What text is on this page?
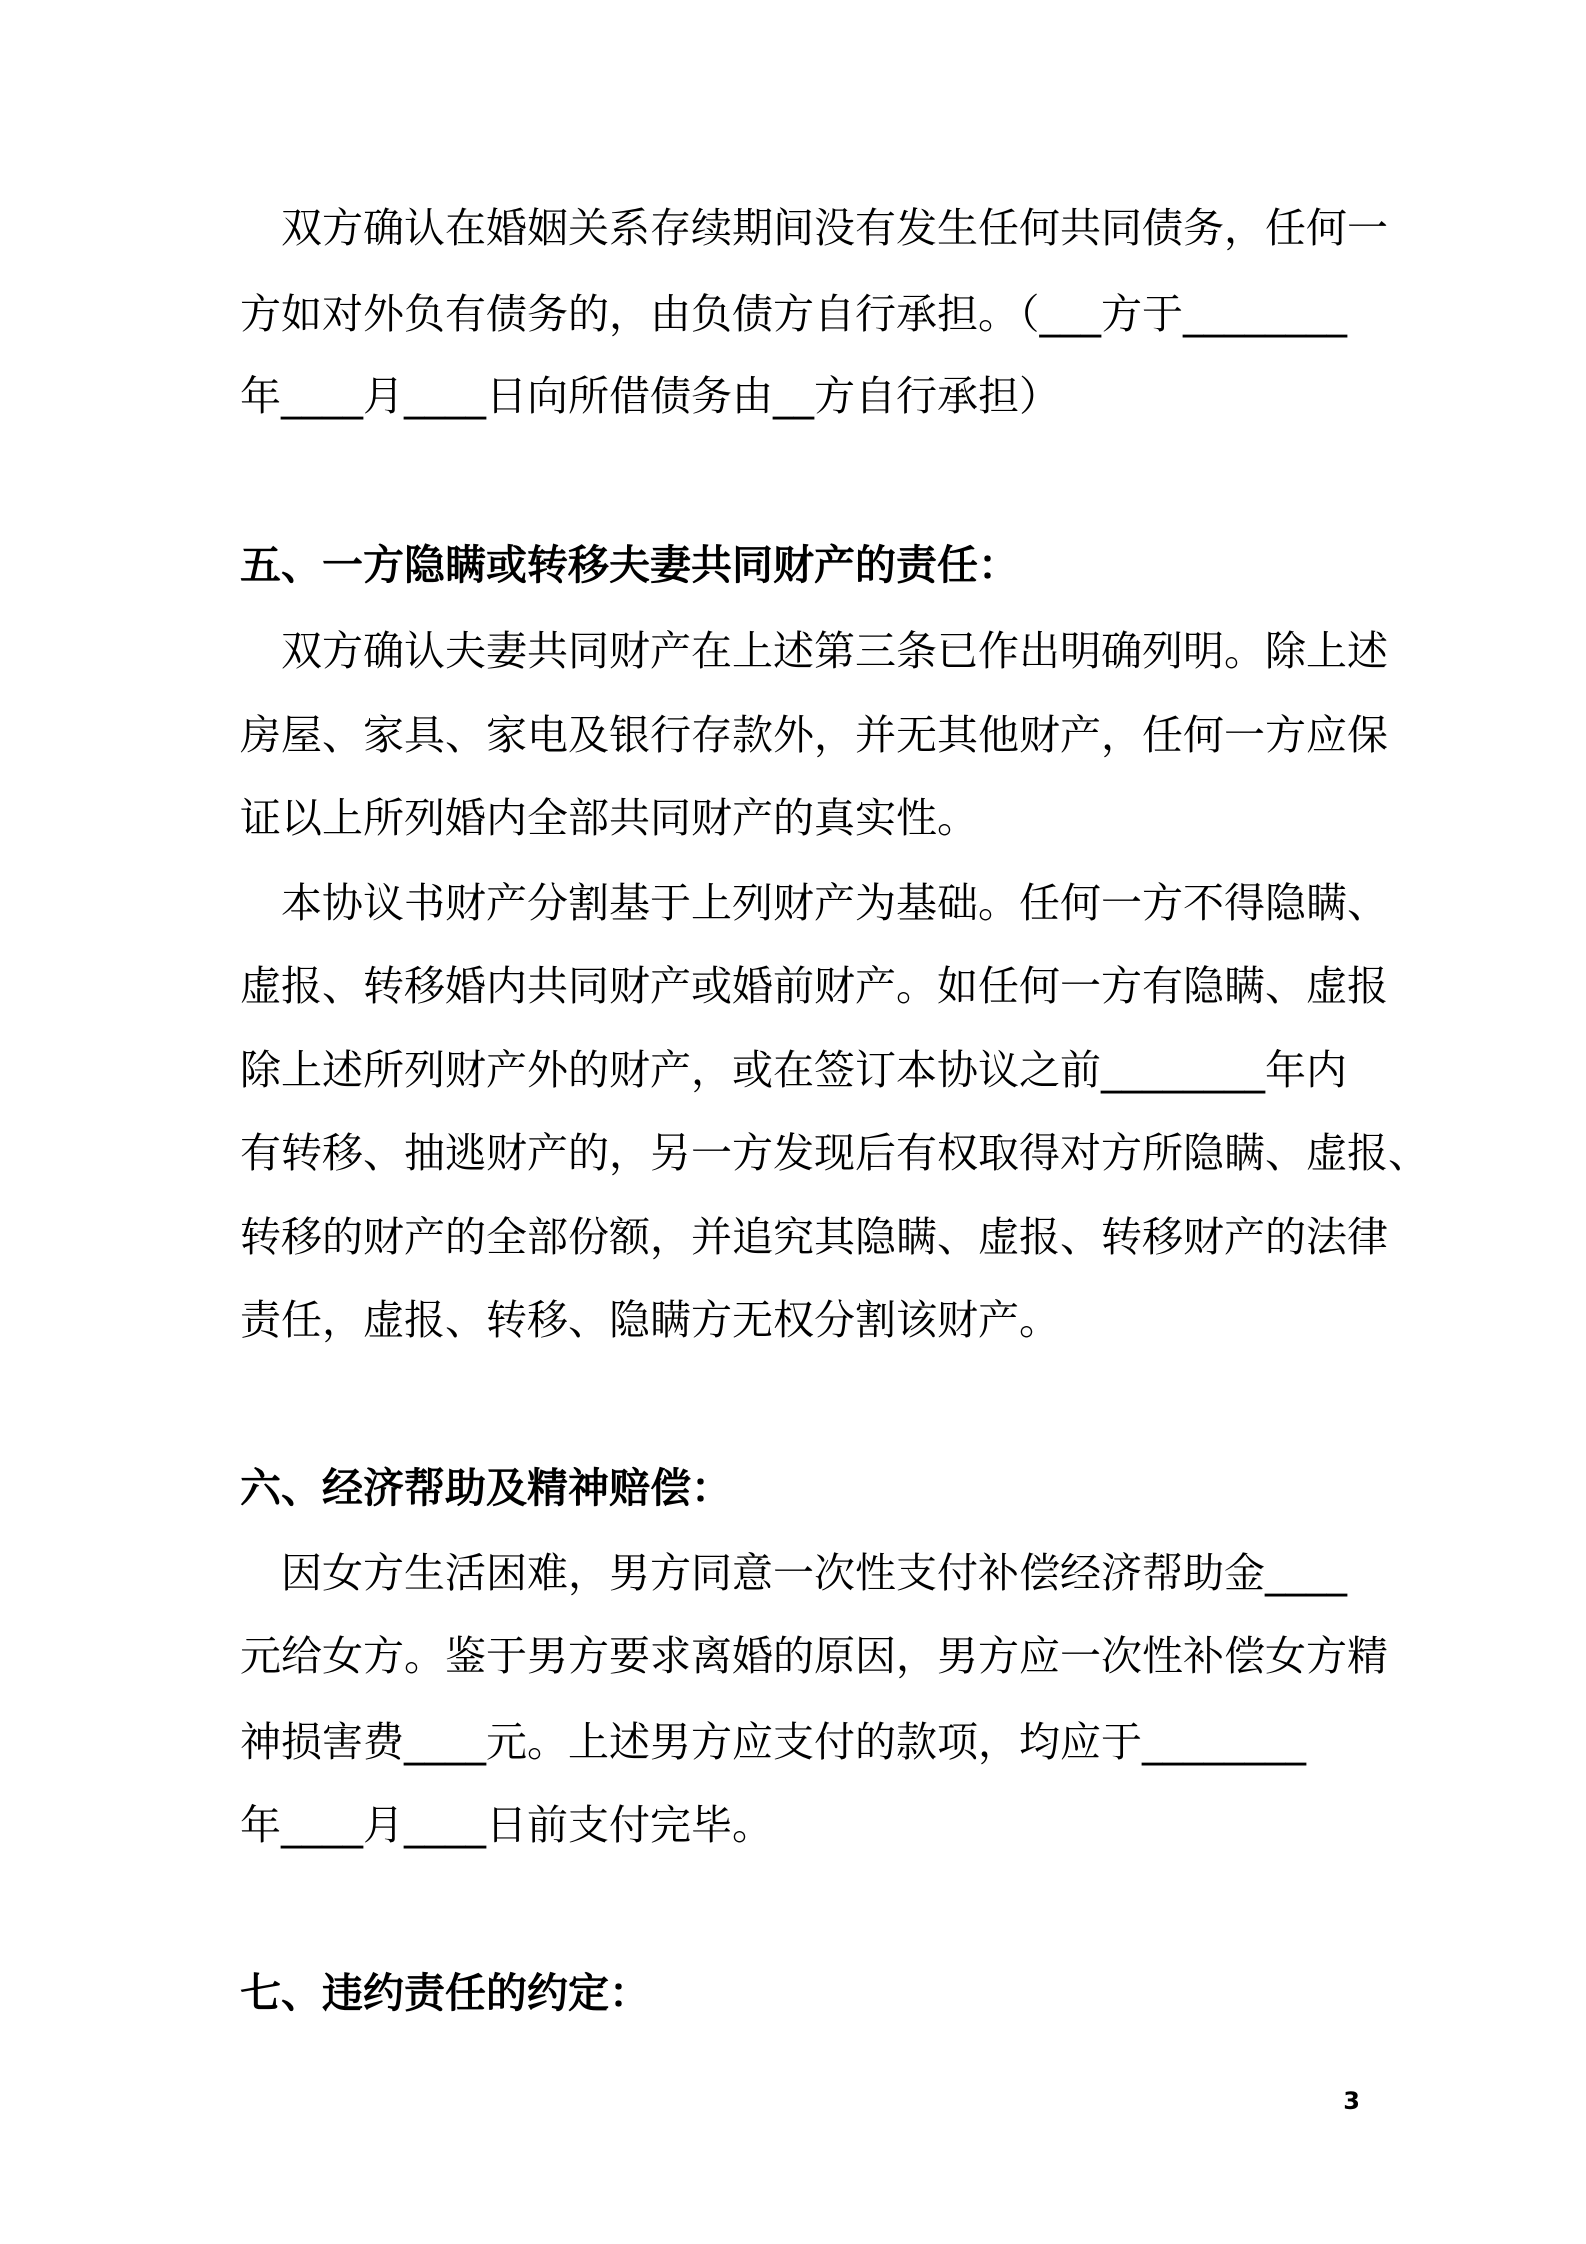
　双方确认在婚姻关系存续期间没有发生任何共同债务，任何一
方如对外负有债务的，由负债方自行承担。（___方于________
年____月____日向所借债务由__方自行承担）
五、一方隐瞒或转移夫妻共同财产的责任：
　双方确认夫妻共同财产在上述第三条已作出明确列明。除上述
房屋、家具、家电及银行存款外，并无其他财产，任何一方应保
证以上所列婚内全部共同财产的真实性。
　本协议书财产分割基于上列财产为基础。任何一方不得隐瞒、
虚报、转移婚内共同财产或婚前财产。如任何一方有隐瞒、虚报
除上述所列财产外的财产，或在签订本协议之前________年内
有转移、抽逃财产的，另一方发现后有权取得对方所隐瞒、虚报、
转移的财产的全部份额，并追究其隐瞒、虚报、转移财产的法律
责任，虚报、转移、隐瞒方无权分割该财产。
六、经济帮助及精神赔偿：
　因女方生活困难，男方同意一次性支付补偿经济帮助金____
元给女方。鉴于男方要求离婚的原因，男方应一次性补偿女方精
神损害费____元。上述男方应支付的款项，均应于________
年____月____日前支付完毕。
七、违约责任的约定：
3
